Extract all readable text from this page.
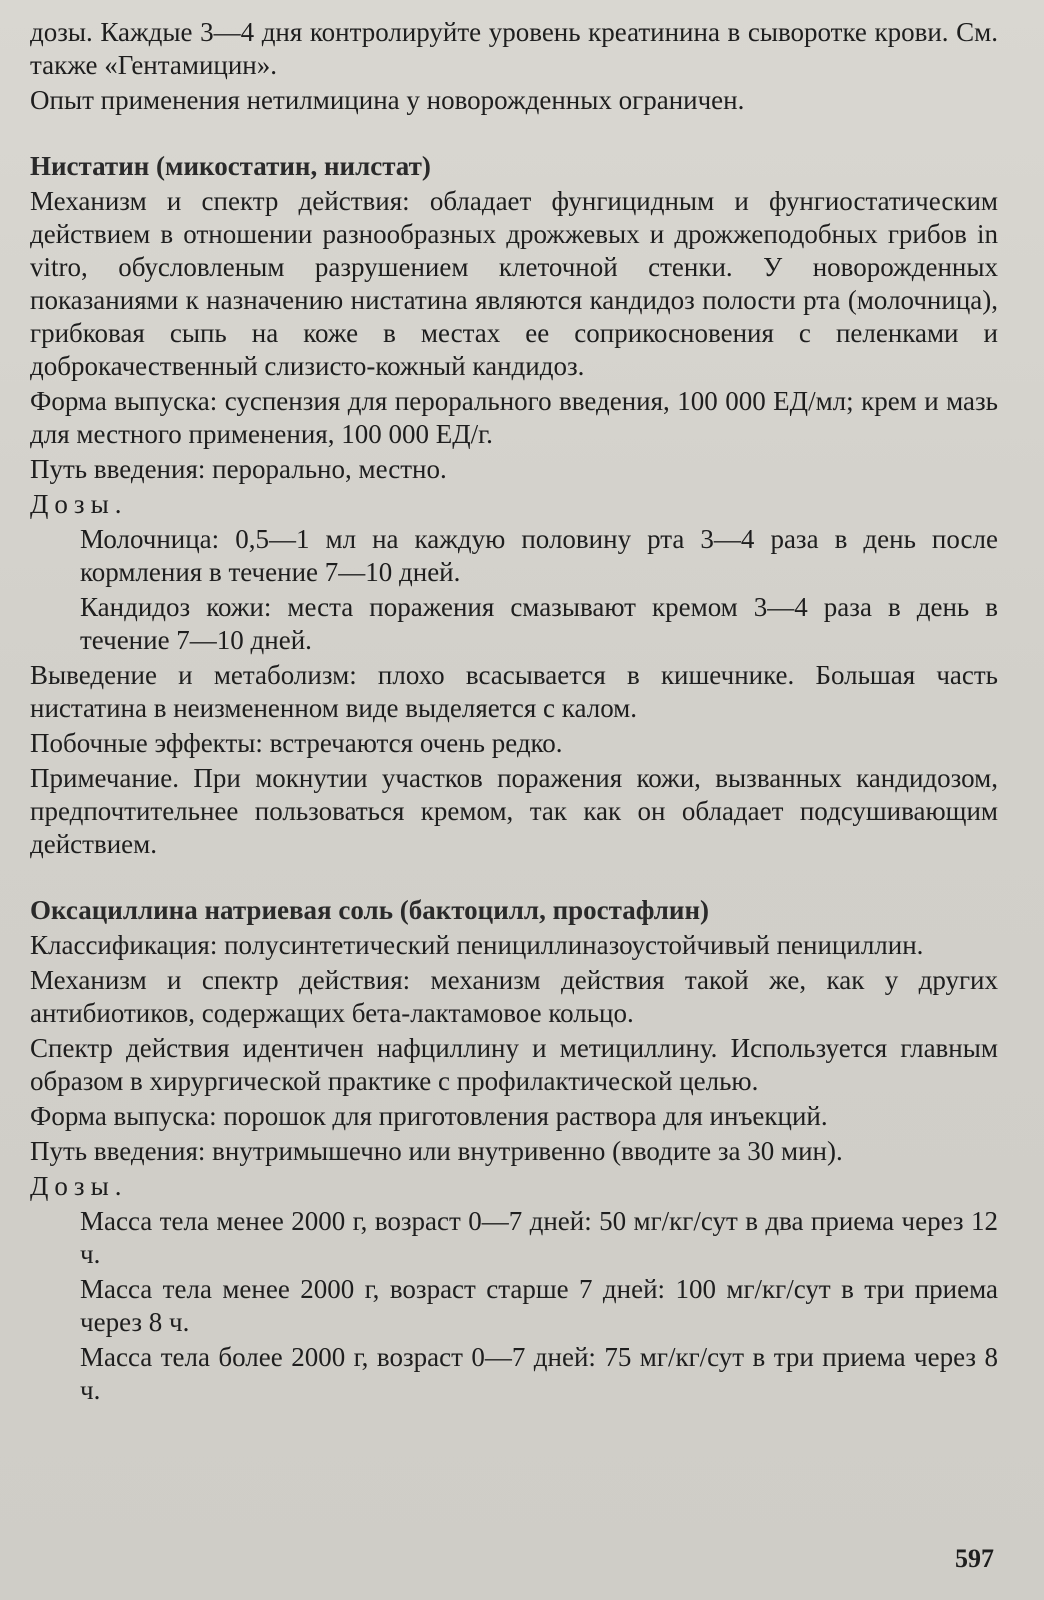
дозы. Каждые 3—4 дня контролируйте уровень креатинина в сыворотке крови. См. также «Гентамицин».

Опыт применения нетилмицина у новорожденных ограничен.

Нистатин (микостатин, нилстат)

Механизм и спектр действия: обладает фунгицидным и фунгиостатическим действием в отношении разнообразных дрожжевых и дрожжеподобных грибов in vitro, обусловленым разрушением клеточной стенки. У новорожденных показаниями к назначению нистатина являются кандидоз полости рта (молочница), грибковая сыпь на коже в местах ее соприкосновения с пеленками и доброкачественный слизисто-кожный кандидоз.

Форма выпуска: суспензия для перорального введения, 100 000 ЕД/мл; крем и мазь для местного применения, 100 000 ЕД/г.

Путь введения: перорально, местно.

Дозы.

Молочница: 0,5—1 мл на каждую половину рта 3—4 раза в день после кормления в течение 7—10 дней.

Кандидоз кожи: места поражения смазывают кремом 3—4 раза в день в течение 7—10 дней.

Выведение и метаболизм: плохо всасывается в кишечнике. Большая часть нистатина в неизмененном виде выделяется с калом.

Побочные эффекты: встречаются очень редко.

Примечание. При мокнутии участков поражения кожи, вызванных кандидозом, предпочтительнее пользоваться кремом, так как он обладает подсушивающим действием.

Оксациллина натриевая соль (бактоцилл, простафлин)

Классификация: полусинтетический пенициллиназоустойчивый пенициллин.

Механизм и спектр действия: механизм действия такой же, как у других антибиотиков, содержащих бета-лактамовое кольцо.

Спектр действия идентичен нафциллину и метициллину. Используется главным образом в хирургической практике с профилактической целью.

Форма выпуска: порошок для приготовления раствора для инъекций.

Путь введения: внутримышечно или внутривенно (вводите за 30 мин).

Дозы.

Масса тела менее 2000 г, возраст 0—7 дней: 50 мг/кг/сут в два приема через 12 ч.

Масса тела менее 2000 г, возраст старше 7 дней: 100 мг/кг/сут в три приема через 8 ч.

Масса тела более 2000 г, возраст 0—7 дней: 75 мг/кг/сут в три приема через 8 ч.

597
